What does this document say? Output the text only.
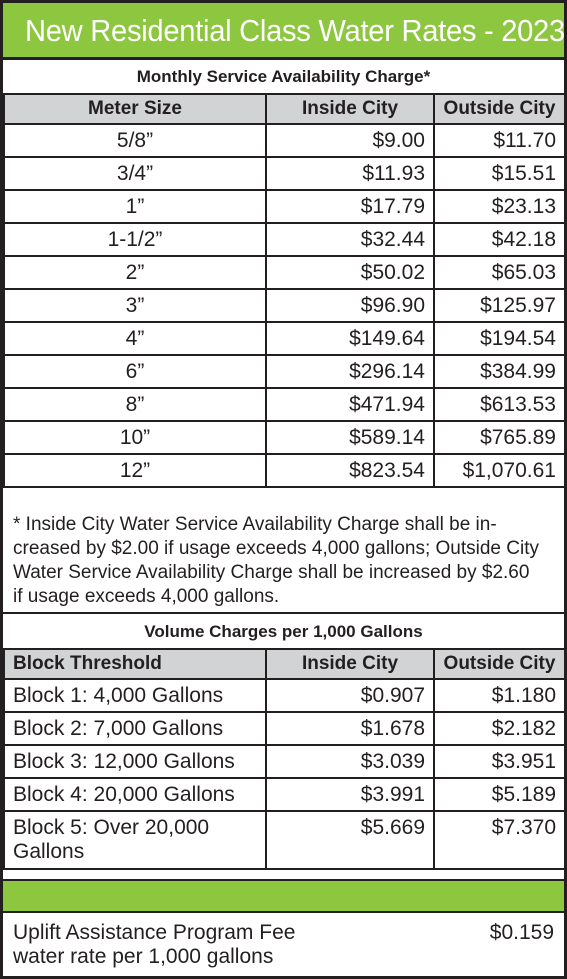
New Residential Class Water Rates - 2023
Monthly Service Availability Charge*
Meter Size	Inside City	Outside City
5/8”	$9.00	$11.70
3/4”	$11.93	$15.51
1”	$17.79	$23.13
1-1/2”	$32.44	$42.18
2”	$50.02	$65.03
3”	$96.90	$125.97
4”	$149.64	$194.54
6”	$296.14	$384.99
8”	$471.94	$613.53
10”	$589.14	$765.89
12”	$823.54	$1,070.61
* Inside City Water Service Availability Charge shall be in-
creased by $2.00 if usage exceeds 4,000 gallons; Outside City
Water Service Availability Charge shall be increased by $2.60
if usage exceeds 4,000 gallons.
Volume Charges per 1,000 Gallons
Block Threshold	Inside City	Outside City
Block 1: 4,000 Gallons	$0.907	$1.180
Block 2: 7,000 Gallons	$1.678	$2.182
Block 3: 12,000 Gallons	$3.039	$3.951
Block 4: 20,000 Gallons	$3.991	$5.189

Block 5: Over 20,000
Gallons	$5.669	$7.370
Uplift Assistance Program Fee
water rate per 1,000 gallons
$0.159
